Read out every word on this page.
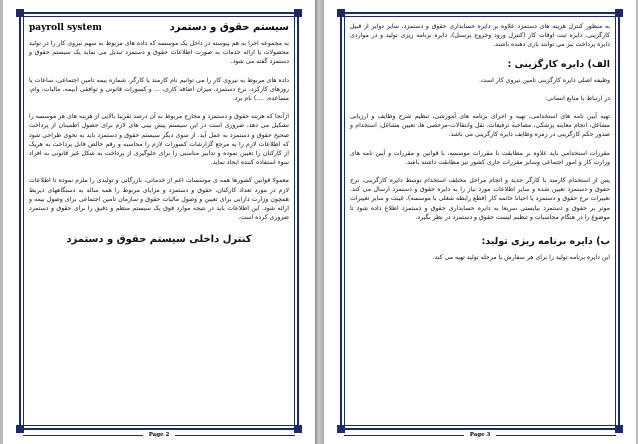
payroll system	سیستم حقوق و دستمزد

به مجموعه اجزا به هم پیوسته در داخل یک موسسه که داده های مربوط به سهم نیروی کار را در تولید محصولات یا ارائه خدمات به صورت اطلاعات حقوق و دستمزد تبدیل می نماید یک سیستم حقوق و دستمزد گفته می شود.

داده های مربوط به نیروی کار را می توانیم نام کارمند یا کارگر، شماره بیمه تامین اجتماعی، ساعات یا روزهای کارکرد، نرخ دستمزد، میزان اضافه کاری، ... و کسورات قانونی و توافقی (بیمه، مالیات، وام، مساعده، ....) نام برد.

ازآنجا که هزینه حقوق و دستمزد و مخارج مربوط به آن درصد تقریبا بالایی از هزینه های هر موسسه را تشکیل می دهد، ضروری است در این سیستم پیش بینی های لازم برای حصول اطمینان از پرداخت صحیح حقوق و دستمزد به عمل آید. از سوی دیگر سیستم حقوق و دستمزد باید به نحوی طراحی شود که اطلاعات لازم را به مرجع گزارشات کسورات لازم را محاسبه و رقم خالص قابل پرداخت به هریک از کارکنان را تعیین نموده و تدابیر مناسبی را برای جلوگیری از پرداخت به شکل غیر قانونی به افراد سوء استفاده کننده ایجاد نماید.

معمولا قوانین کشورها همه ی موسسات اعم از خدماتی، بازرگانی و تولیدی را ملزم نموده تا اطلاعات لازم در مورد تعداد کارکنان، حقوق و دستمزد و مزایای مربوط را همه ساله به دستگاههای ذیربط همچون وزارت دارایی برای تعیین و وصول مالیات حقوق و سازمان تامین اجتماعی برای وصول بیمه و ارائه شود. این اطلاعات باید در نتیجه موارد فوق یک سیستم منظم و دقیق را برای حقوق و دستمزد ضروری کرده است.

کنترل داخلی سیستم حقوق و دستمزد
Page 2

به منظور کنترل هزینه های دستمزد علاوه بر دایره حسابداری حقوق و دستمزد، سایر دوایر از قبیل کارگزینی، دایره ثبت اوقات کار (کنترل ورود وخروج پرسنل)، دایره برنامه ریزی تولید و در مواردی دایره پرداخت نیز می توانند باری دهنده باشند.

الف) دایره کارگزینی :

وظیفه اصلی دایره کارگزینی تامین نیروی کار است.

در ارتباط با منابع انسانی:

تهیه آیین نامه های استخدامی، تهیه و اجرای برنامه های آموزشی، تنظیم شرح وظایف و ارزیابی مشاغل، انجام معاینه پزشکی، مصاحبه ترفیعات، نقل وانتقالات-مرخصی ها، تعیین مشاغل، استخدام و صدور حکم کارگزینی در زمره وظایف دایره کارگزینی می باشد.

مقررات استخدامی باید علاوه بر مطابقت با مقررات موسسه، با قوانین و مقررات و آیین نامه های وزارت کار و امور اجتماعی وسایر مقررات جاری کشور نیز مطابقت داشته باشد.

پس از استخدام کارمند با کارگر جدید و انجام مراحل مختلف استخدام توسط دایره کارگزینی، نرخ حقوق و دستمزد تعیین شده و سایر اطلاعات مورد نیاز را به دایره حقوق و دستمزد ارسال می کند. تغییرات نرخ حقوق و دستمزد یا احیانا خاتمه کار (قطع رابطه شغلی با موسسه)، غیبت و سایر تغییرات موثر بر حقوق و دستمزد بیایستی سریعا به دایره حسابداری حقوق و دستمزد اطلاع داده شود تا موضوع را در هنگام محاسبات و تنظیم لیست حقوق و دستمزد در نظر بگیرد.

ب) دایره برنامه ریزی تولید:

این دایره برنامه تولید را برای هر سفارش یا مرحله تولید تهیه می کند.

Page 3
